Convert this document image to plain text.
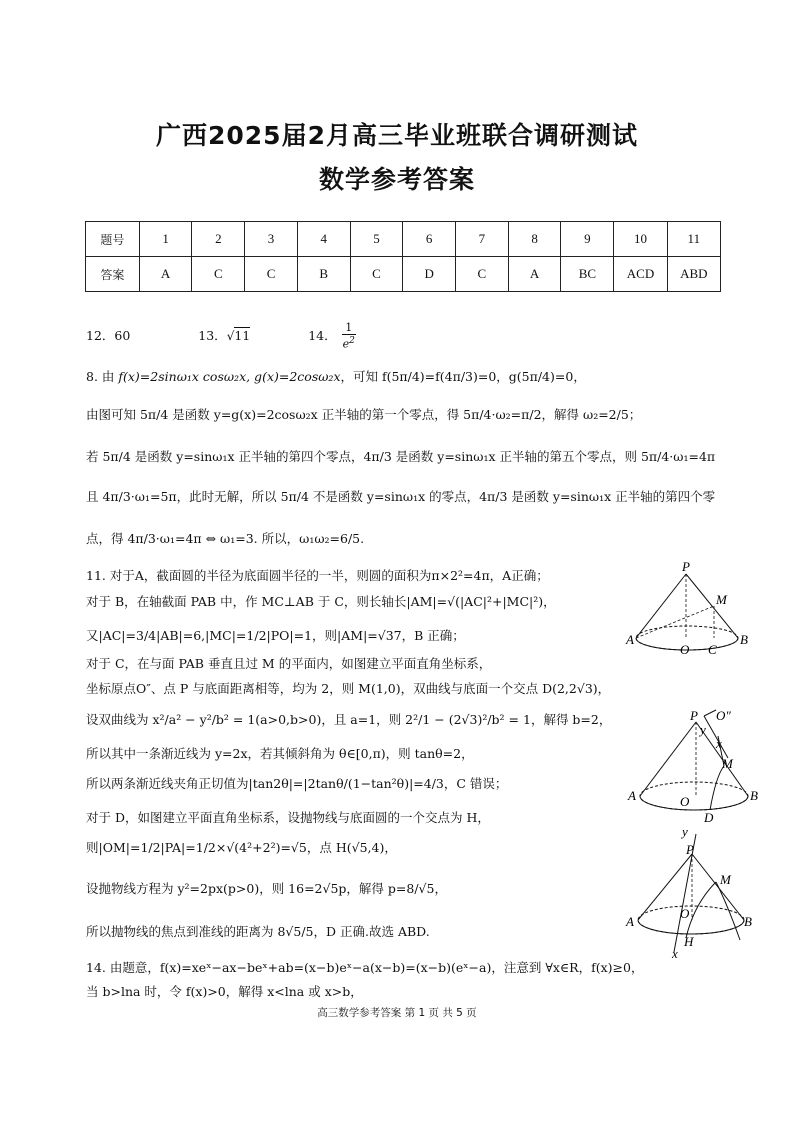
广西2025届2月高三毕业班联合调研测试
数学参考答案
题号	1	2	3	4	5	6	7	8	9	10	11
答案	A	C	C	B	C	D	C	A	BC	ACD	ABD
12．60	13．√11	14． $\frac{1}{e^2}$
8. 由 f(x)=2sinω₁x cosω₂x, g(x)=2cosω₂x，可知 f(5π/4)=f(4π/3)=0，g(5π/4)=0，
由图可知 5π/4 是函数 y=g(x)=2cosω₂x 正半轴的第一个零点，得 5π/4·ω₂=π/2，解得 ω₂=2/5；
若 5π/4 是函数 y=sinω₁x 正半轴的第四个零点，4π/3 是函数 y=sinω₁x 正半轴的第五个零点，则 5π/4·ω₁=4π
且 4π/3·ω₁=5π，此时无解，所以 5π/4 不是函数 y=sinω₁x 的零点，4π/3 是函数 y=sinω₁x 正半轴的第四个零
点，得 4π/3·ω₁=4π ⇔ ω₁=3. 所以，ω₁ω₂=6/5.
11. 对于A，截面圆的半径为底面圆半径的一半，则圆的面积为π×2²=4π，A正确；
对于 B，在轴截面 PAB 中，作 MC⊥AB 于 C，则长轴长|AM|=√(|AC|²+|MC|²)，
又|AC|=3/4|AB|=6,|MC|=1/2|PO|=1，则|AM|=√37，B 正确；
对于 C，在与面 PAB 垂直且过 M 的平面内，如图建立平面直角坐标系，
坐标原点O″、点 P 与底面距离相等，均为 2，则 M(1,0)，双曲线与底面一个交点 D(2,2√3)，
设双曲线为 x²/a² − y²/b² = 1(a>0,b>0)，且 a=1，则 2²/1 − (2√3)²/b² = 1，解得 b=2，
所以其中一条渐近线为 y=2x，若其倾斜角为 θ∈[0,π)，则 tanθ=2，
所以两条渐近线夹角正切值为|tan2θ|=|2tanθ/(1−tan²θ)|=4/3，C 错误；
对于 D，如图建立平面直角坐标系，设抛物线与底面圆的一个交点为 H，
则|OM|=1/2|PA|=1/2×√(4²+2²)=√5，点 H(√5,4)，
设抛物线方程为 y²=2px(p>0)，则 16=2√5p，解得 p=8/√5，
所以抛物线的焦点到准线的距离为 8√5/5，D 正确.故选 ABD.
14. 由题意，f(x)=xeˣ−ax−beˣ+ab=(x−b)eˣ−a(x−b)=(x−b)(eˣ−a)，注意到 ∀x∈R，f(x)≥0，
当 b>lna 时，令 f(x)>0，解得 x<lna 或 x>b，
P
M
A	B
O C
P O″
y
x
M
A	B
O
D
y
P
M
A	B
O
H
x
高三数学参考答案 第 1 页 共 5 页
